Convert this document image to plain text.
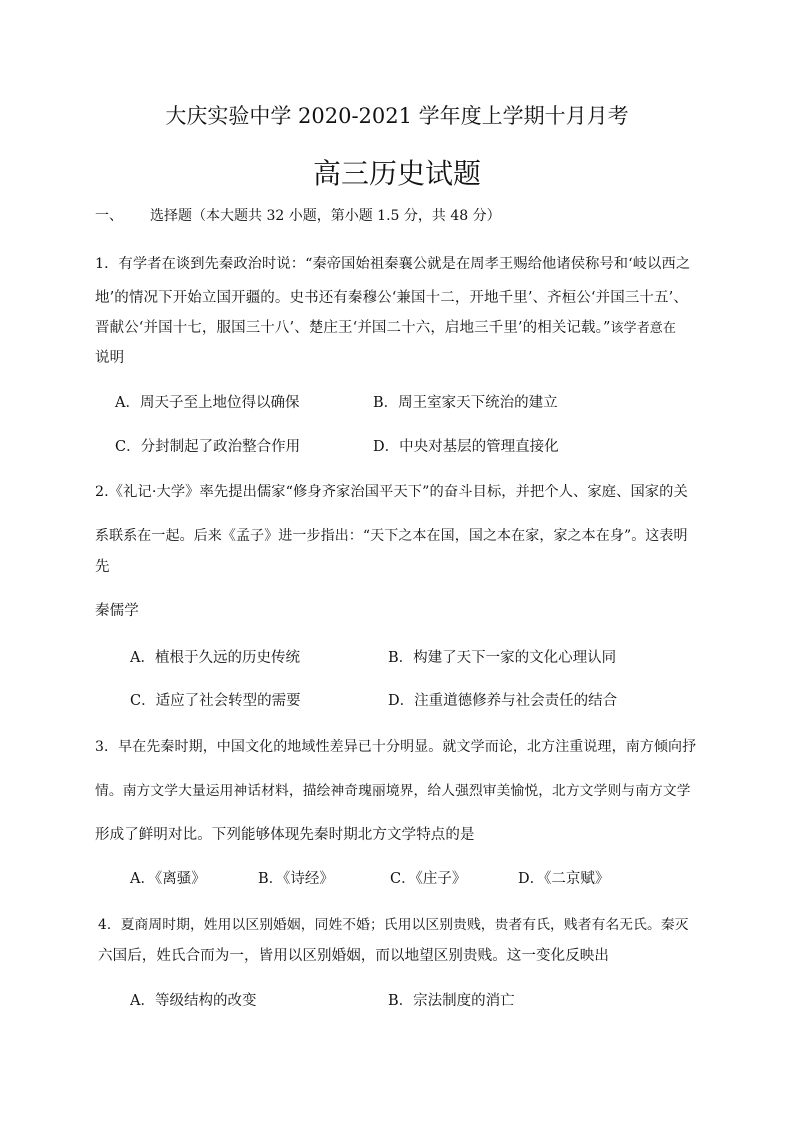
大庆实验中学 2020-2021 学年度上学期十月月考
高三历史试题
一、 选择题（本大题共 32 小题，第小题 1.5 分，共 48 分）
1．有学者在谈到先秦政治时说：“秦帝国始祖秦襄公就是在周孝王赐给他诸侯称号和‘岐以西之
地’的情况下开始立国开疆的。史书还有秦穆公‘兼国十二，开地千里’、齐桓公‘并国三十五’、
晋献公‘并国十七，服国三十八’、楚庄王‘并国二十六，启地三千里’的相关记载。”该学者意在
说明
A．周天子至上地位得以确保	B．周王室家天下统治的建立
C．分封制起了政治整合作用	D．中央对基层的管理直接化
2.《礼记·大学》率先提出儒家“修身齐家治国平天下”的奋斗目标，并把个人、家庭、国家的关
系联系在一起。后来《孟子》进一步指出：“天下之本在国，国之本在家，家之本在身”。这表明
先
秦儒学
A．植根于久远的历史传统	B．构建了天下一家的文化心理认同
C．适应了社会转型的需要	D．注重道德修养与社会责任的结合
3．早在先秦时期，中国文化的地域性差异已十分明显。就文学而论，北方注重说理，南方倾向抒
情。南方文学大量运用神话材料，描绘神奇瑰丽境界，给人强烈审美愉悦，北方文学则与南方文学
形成了鲜明对比。下列能够体现先秦时期北方文学特点的是
A．《离骚》	B．《诗经》	C．《庄子》	D．《二京赋》
4．夏商周时期，姓用以区别婚姻，同姓不婚；氏用以区别贵贱，贵者有氏，贱者有名无氏。秦灭
六国后，姓氏合而为一，皆用以区别婚姻，而以地望区别贵贱。这一变化反映出
A．等级结构的改变	B．宗法制度的消亡
